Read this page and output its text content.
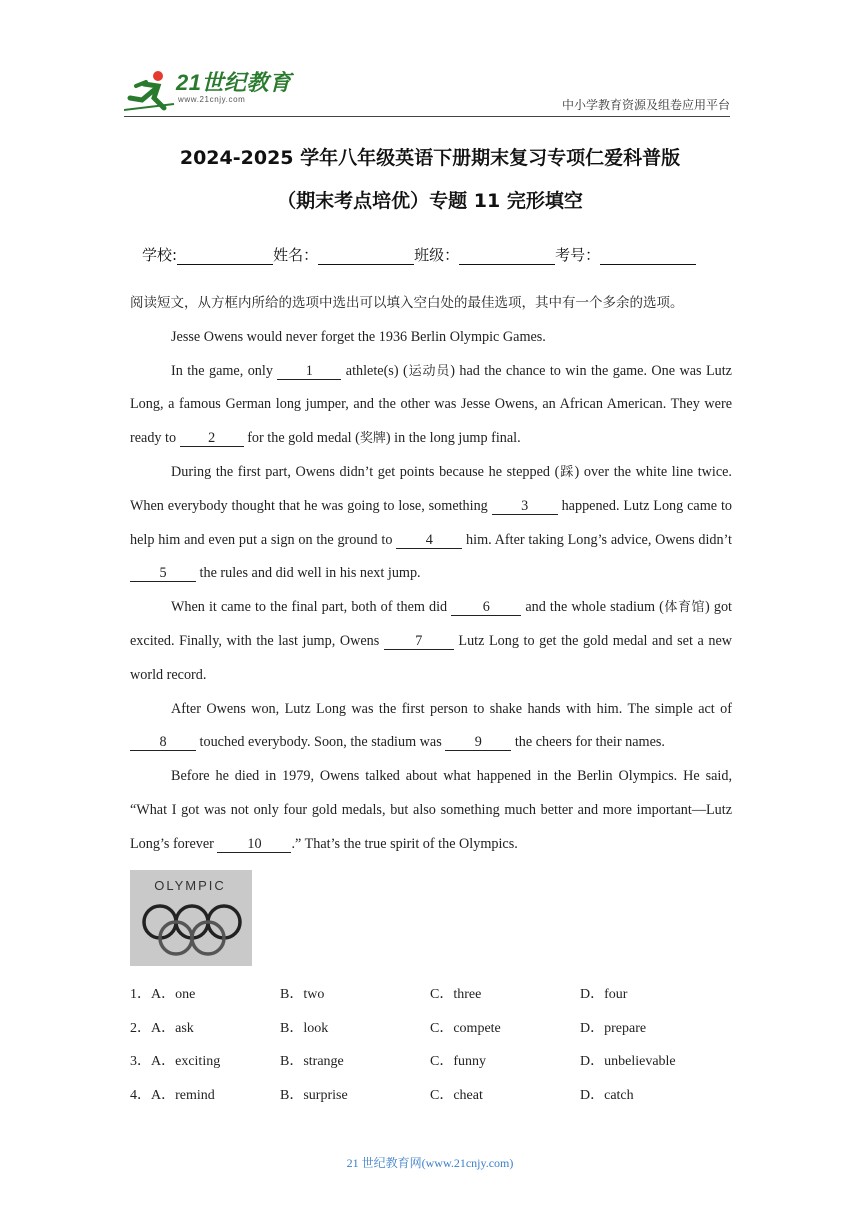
21世纪教育
www.21cnjy.com	中小学教育资源及组卷应用平台
2024-2025 学年八年级英语下册期末复习专项仁爱科普版
（期末考点培优）专题 11 完形填空
学校:	姓名：	班级：	考号：

阅读短文，从方框内所给的选项中选出可以填入空白处的最佳选项，其中有一个多余的选项。

Jesse Owens would never forget the 1936 Berlin Olympic Games.

In the game, only 1 athlete(s) (运动员) had the chance to win the game. One was Lutz Long, a famous German long jumper, and the other was Jesse Owens, an African American. They were ready to 2 for the gold medal (奖牌) in the long jump final.

During the first part, Owens didn’t get points because he stepped (踩) over the white line twice. When everybody thought that he was going to lose, something 3 happened. Lutz Long came to help him and even put a sign on the ground to 4 him. After taking Long’s advice, Owens didn’t 5 the rules and did well in his next jump.

When it came to the final part, both of them did 6 and the whole stadium (体育馆) got excited. Finally, with the last jump, Owens 7 Lutz Long to get the gold medal and set a new world record.

After Owens won, Lutz Long was the first person to shake hands with him. The simple act of 8 touched everybody. Soon, the stadium was 9 the cheers for their names.

Before he died in 1979, Owens talked about what happened in the Berlin Olympics. He said, “What I got was not only four gold medals, but also something much better and more important—Lutz Long’s forever 10 .” That’s the true spirit of the Olympics.

OLYMPIC
1．A．one	B．two	C．three	D．four
2．A．ask	B．look	C．compete	D．prepare
3．A．exciting	B．strange	C．funny	D．unbelievable
4．A．remind	B．surprise	C．cheat	D．catch
21 世纪教育网(www.21cnjy.com)
